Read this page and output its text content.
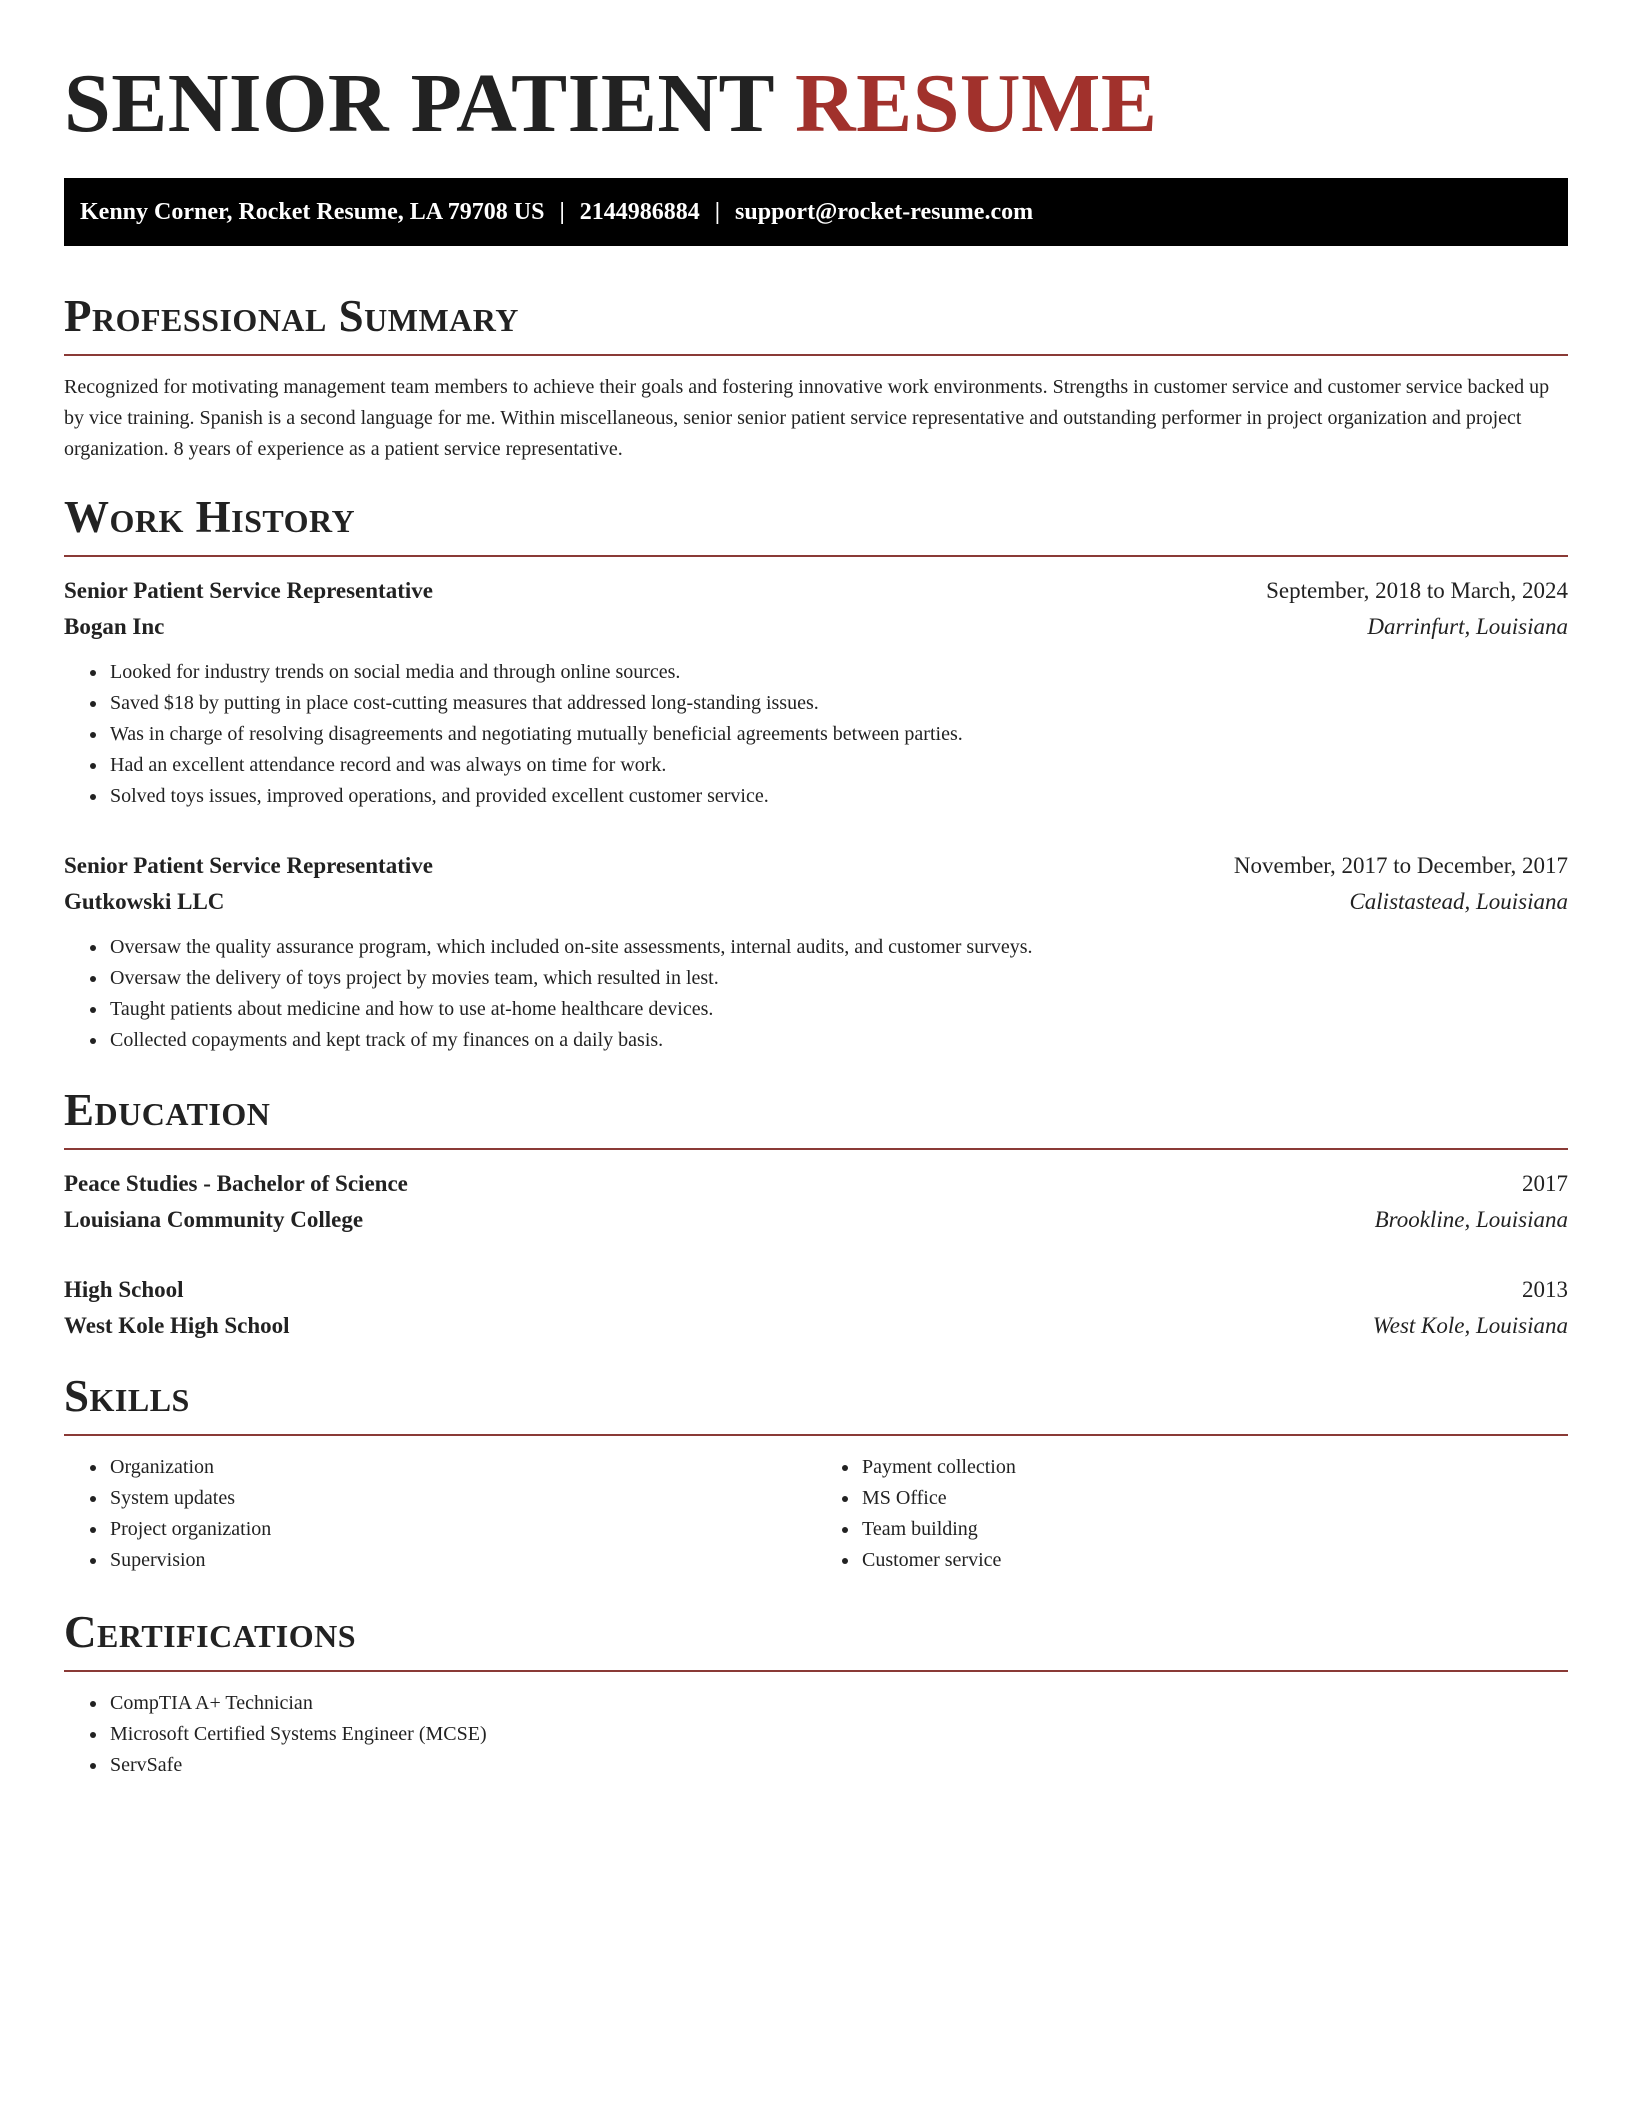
SENIOR PATIENT RESUME
Kenny Corner, Rocket Resume, LA 79708 US | 2144986884 | support@rocket-resume.com
Professional Summary

Recognized for motivating management team members to achieve their goals and fostering innovative work environments. Strengths in customer service and customer service backed up by vice training. Spanish is a second language for me. Within miscellaneous, senior senior patient service representative and outstanding performer in project organization and project organization. 8 years of experience as a patient service representative.

Work History
Senior Patient Service Representative	September, 2018 to March, 2024
Bogan Inc	Darrinfurt, Louisiana
• Looked for industry trends on social media and through online sources.
• Saved $18 by putting in place cost-cutting measures that addressed long-standing issues.
• Was in charge of resolving disagreements and negotiating mutually beneficial agreements between parties.
• Had an excellent attendance record and was always on time for work.
• Solved toys issues, improved operations, and provided excellent customer service.
Senior Patient Service Representative	November, 2017 to December, 2017
Gutkowski LLC	Calistastead, Louisiana
• Oversaw the quality assurance program, which included on-site assessments, internal audits, and customer surveys.
• Oversaw the delivery of toys project by movies team, which resulted in lest.
• Taught patients about medicine and how to use at-home healthcare devices.
• Collected copayments and kept track of my finances on a daily basis.
Education
Peace Studies - Bachelor of Science	2017
Louisiana Community College	Brookline, Louisiana
High School	2013
West Kole High School	West Kole, Louisiana
Skills
• Organization
• System updates
• Project organization
• Supervision
• Payment collection
• MS Office
• Team building
• Customer service
Certifications
• CompTIA A+ Technician
• Microsoft Certified Systems Engineer (MCSE)
• ServSafe
